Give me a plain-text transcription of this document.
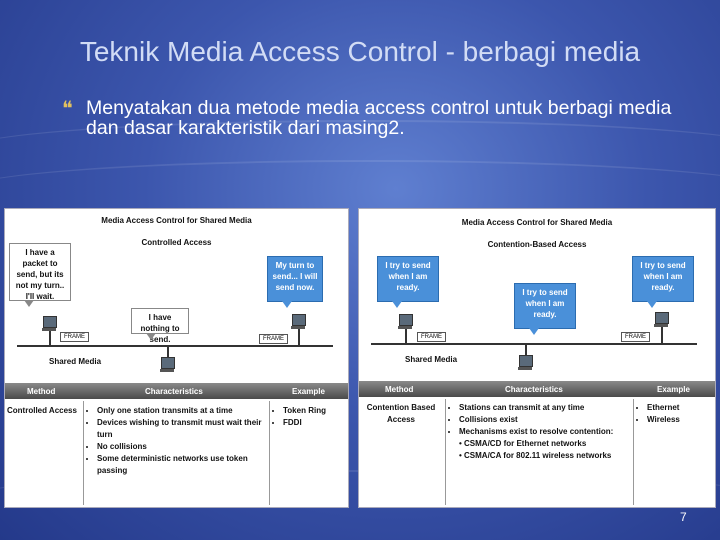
Teknik Media Access Control - berbagi media
❝ Menyatakan dua metode media access control untuk berbagi media dan dasar karakteristik dari masing2.
Media Access Control for Shared Media
Controlled Access
I have a packet to send, but its not my turn.. I'll wait.
My turn to send... I will send now.
I have nothing to send.
FRAME	FRAME
Shared Media
Method	Characteristics	Example
Controlled Access
•	Only one station transmits at a time
• Devices wishing to transmit must wait their turn
• No collisions
• Some deterministic networks use token passing
• Token Ring
• FDDI
Media Access Control for Shared Media
Contention-Based Access
I try to send when I am ready.
I try to send when I am ready.
I try to send when I am ready.
FRAME	FRAME
Shared Media
Method	Characteristics	Example
Contention Based Access
• Stations can transmit at any time
• Collisions exist
• Mechanisms exist to resolve contention:
• CSMA/CD for Ethernet networks
• CSMA/CA for 802.11 wireless networks
• Ethernet
• Wireless
7
